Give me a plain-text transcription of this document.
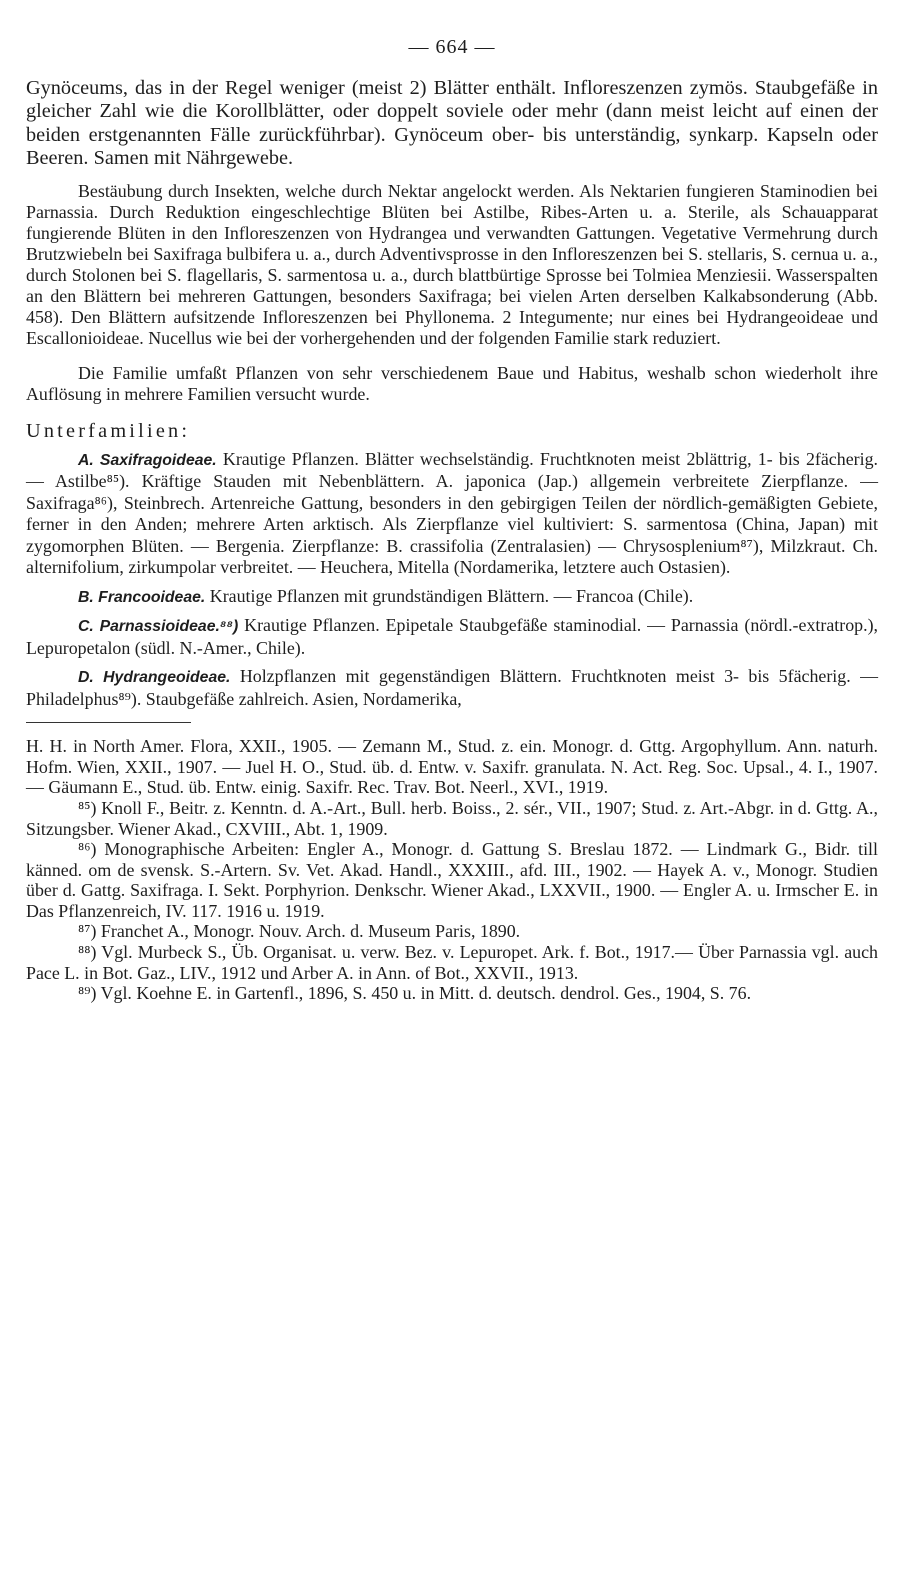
— 664 —

Gynöceums, das in der Regel weniger (meist 2) Blätter enthält. Infloreszenzen zymös. Staubgefäße in gleicher Zahl wie die Korollblätter, oder doppelt soviele oder mehr (dann meist leicht auf einen der beiden erstgenannten Fälle zurückführbar). Gynöceum ober- bis unterständig, synkarp. Kapseln oder Beeren. Samen mit Nährgewebe.

Bestäubung durch Insekten, welche durch Nektar angelockt werden. Als Nektarien fungieren Staminodien bei Parnassia. Durch Reduktion eingeschlechtige Blüten bei Astilbe, Ribes-Arten u. a. Sterile, als Schauapparat fungierende Blüten in den Infloreszenzen von Hydrangea und verwandten Gattungen. Vegetative Vermehrung durch Brutzwiebeln bei Saxifraga bulbifera u. a., durch Adventivsprosse in den Infloreszenzen bei S. stellaris, S. cernua u. a., durch Stolonen bei S. flagellaris, S. sarmentosa u. a., durch blattbürtige Sprosse bei Tolmiea Menziesii. Wasserspalten an den Blättern bei mehreren Gattungen, besonders Saxifraga; bei vielen Arten derselben Kalkabsonderung (Abb. 458). Den Blättern aufsitzende Infloreszenzen bei Phyllonema. 2 Integumente; nur eines bei Hydrangeoideae und Escallonioideae. Nucellus wie bei der vorhergehenden und der folgenden Familie stark reduziert.

Die Familie umfaßt Pflanzen von sehr verschiedenem Baue und Habitus, weshalb schon wiederholt ihre Auflösung in mehrere Familien versucht wurde.

Unterfamilien:

A. Saxifragoideae. Krautige Pflanzen. Blätter wechselständig. Fruchtknoten meist 2blättrig, 1- bis 2fächerig. — Astilbe⁸⁵). Kräftige Stauden mit Nebenblättern. A. japonica (Jap.) allgemein verbreitete Zierpflanze. — Saxifraga⁸⁶), Steinbrech. Artenreiche Gattung, besonders in den gebirgigen Teilen der nördlich-gemäßigten Gebiete, ferner in den Anden; mehrere Arten arktisch. Als Zierpflanze viel kultiviert: S. sarmentosa (China, Japan) mit zygomorphen Blüten. — Bergenia. Zierpflanze: B. crassifolia (Zentralasien) — Chrysosplenium⁸⁷), Milzkraut. Ch. alternifolium, zirkumpolar verbreitet. — Heuchera, Mitella (Nordamerika, letztere auch Ostasien).

B. Francooideae. Krautige Pflanzen mit grundständigen Blättern. — Francoa (Chile).

C. Parnassioideae.⁸⁸) Krautige Pflanzen. Epipetale Staubgefäße staminodial. — Parnassia (nördl.-extratrop.), Lepuropetalon (südl. N.-Amer., Chile).

D. Hydrangeoideae. Holzpflanzen mit gegenständigen Blättern. Fruchtknoten meist 3- bis 5fächerig. — Philadelphus⁸⁹). Staubgefäße zahlreich. Asien, Nordamerika,

H. H. in North Amer. Flora, XXII., 1905. — Zemann M., Stud. z. ein. Monogr. d. Gttg. Argophyllum. Ann. naturh. Hofm. Wien, XXII., 1907. — Juel H. O., Stud. üb. d. Entw. v. Saxifr. granulata. N. Act. Reg. Soc. Upsal., 4. I., 1907. — Gäumann E., Stud. üb. Entw. einig. Saxifr. Rec. Trav. Bot. Neerl., XVI., 1919.

⁸⁵) Knoll F., Beitr. z. Kenntn. d. A.-Art., Bull. herb. Boiss., 2. sér., VII., 1907; Stud. z. Art.-Abgr. in d. Gttg. A., Sitzungsber. Wiener Akad., CXVIII., Abt. 1, 1909.

⁸⁶) Monographische Arbeiten: Engler A., Monogr. d. Gattung S. Breslau 1872. — Lindmark G., Bidr. till känned. om de svensk. S.-Artern. Sv. Vet. Akad. Handl., XXXIII., afd. III., 1902. — Hayek A. v., Monogr. Studien über d. Gattg. Saxifraga. I. Sekt. Porphyrion. Denkschr. Wiener Akad., LXXVII., 1900. — Engler A. u. Irmscher E. in Das Pflanzenreich, IV. 117. 1916 u. 1919.

⁸⁷) Franchet A., Monogr. Nouv. Arch. d. Museum Paris, 1890.

⁸⁸) Vgl. Murbeck S., Üb. Organisat. u. verw. Bez. v. Lepuropet. Ark. f. Bot., 1917.— Über Parnassia vgl. auch Pace L. in Bot. Gaz., LIV., 1912 und Arber A. in Ann. of Bot., XXVII., 1913.

⁸⁹) Vgl. Koehne E. in Gartenfl., 1896, S. 450 u. in Mitt. d. deutsch. dendrol. Ges., 1904, S. 76.
